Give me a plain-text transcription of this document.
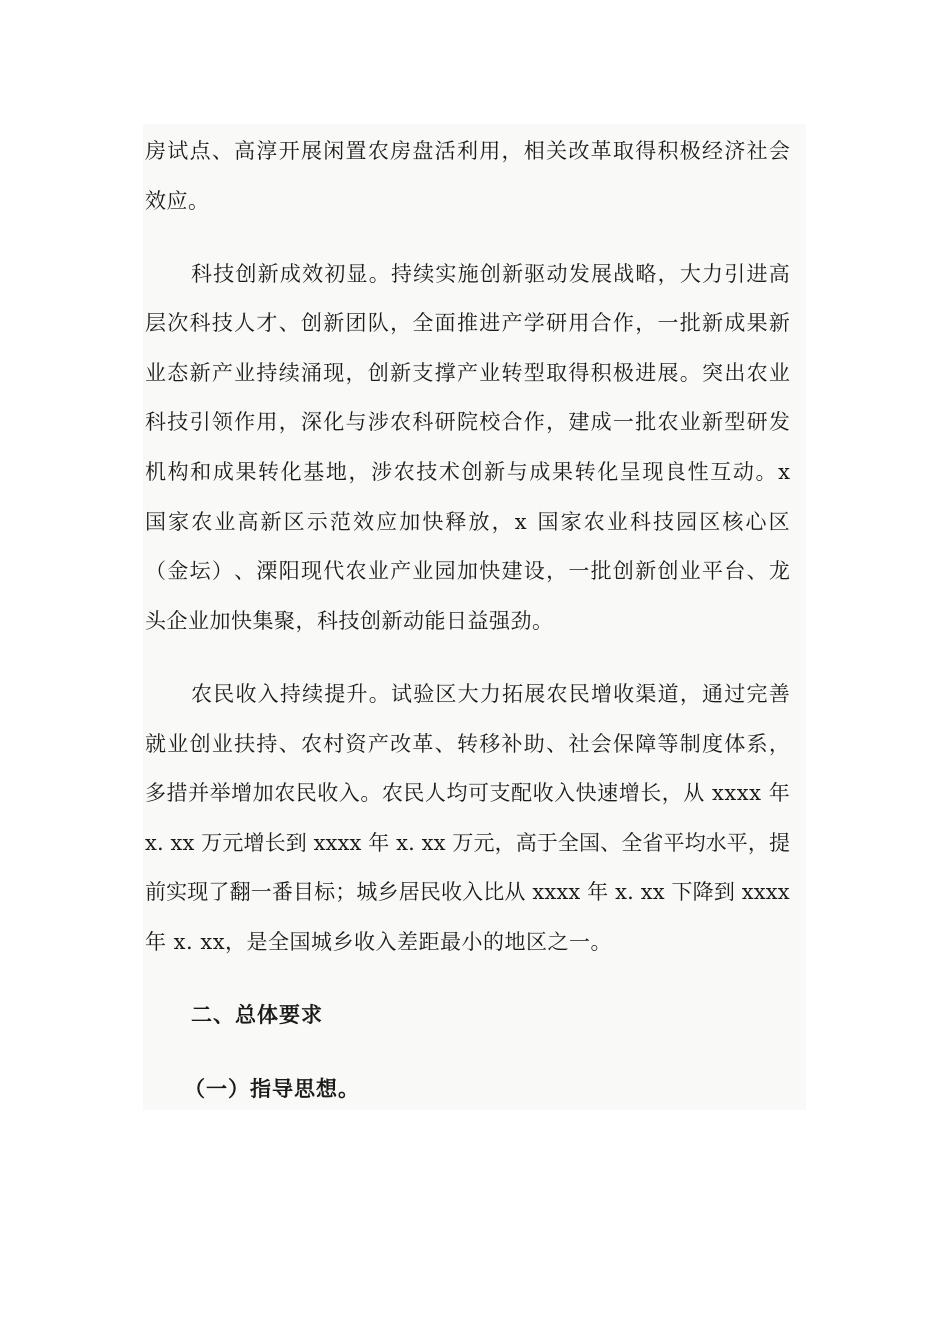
房 试 点 、 高 淳 开 展 闲 置 农 房 盘 活 利 用 ， 相 关 改 革 取 得 积 极 经 济 社 会
效应。
科 技 创 新 成 效 初 显 。 持 续 实 施 创 新 驱 动 发 展 战 略 ， 大 力 引 进 高
层 次 科 技 人 才 、 创 新 团 队 ， 全 面 推 进 产 学 研 用 合 作 ， 一 批 新 成 果 新
业 态 新 产 业 持 续 涌 现 ， 创 新 支 撑 产 业 转 型 取 得 积 极 进 展 。 突 出 农 业
科 技 引 领 作 用 ， 深 化 与 涉 农 科 研 院 校 合 作 ， 建 成 一 批 农 业 新 型 研 发
机 构 和 成 果 转 化 基 地 ， 涉 农 技 术 创 新 与 成 果 转 化 呈 现 良 性 互 动 。 x
国 家 农 业 高 新 区 示 范 效 应 加 快 释 放 ， x
国 家 农 业 科 技 园 区 核 心 区
（ 金 坛 ） 、 溧 阳 现 代 农 业 产 业 园 加 快 建 设 ， 一 批 创 新 创 业 平 台 、 龙
头企业加快集聚，科技创新动能日益强劲。
农 民 收 入 持 续 提 升 。 试 验 区 大 力 拓 展 农 民 增 收 渠 道 ， 通 过 完 善
就 业 创 业 扶 持 、 农 村 资 产 改 革 、 转 移 补 助 、 社 会 保 障 等 制 度 体 系 ，
多 措 并 举 增 加 农 民 收 入 。 农 民 人 均 可 支 配 收 入 快 速 增 长 ， 从
x x x x
年
x .
x x
万 元 增 长 到
x x x x
年
x .
x x
万 元 ， 高 于 全 国 、 全 省 平 均 水 平 ， 提
前 实 现 了 翻 一 番 目 标 ； 城 乡 居 民 收 入 比 从
x x x x
年
x .
x x
下 降 到
x x x x
年 x. xx，是全国城乡收入差距最小的地区之一。
二、总体要求
（一）指导思想。
